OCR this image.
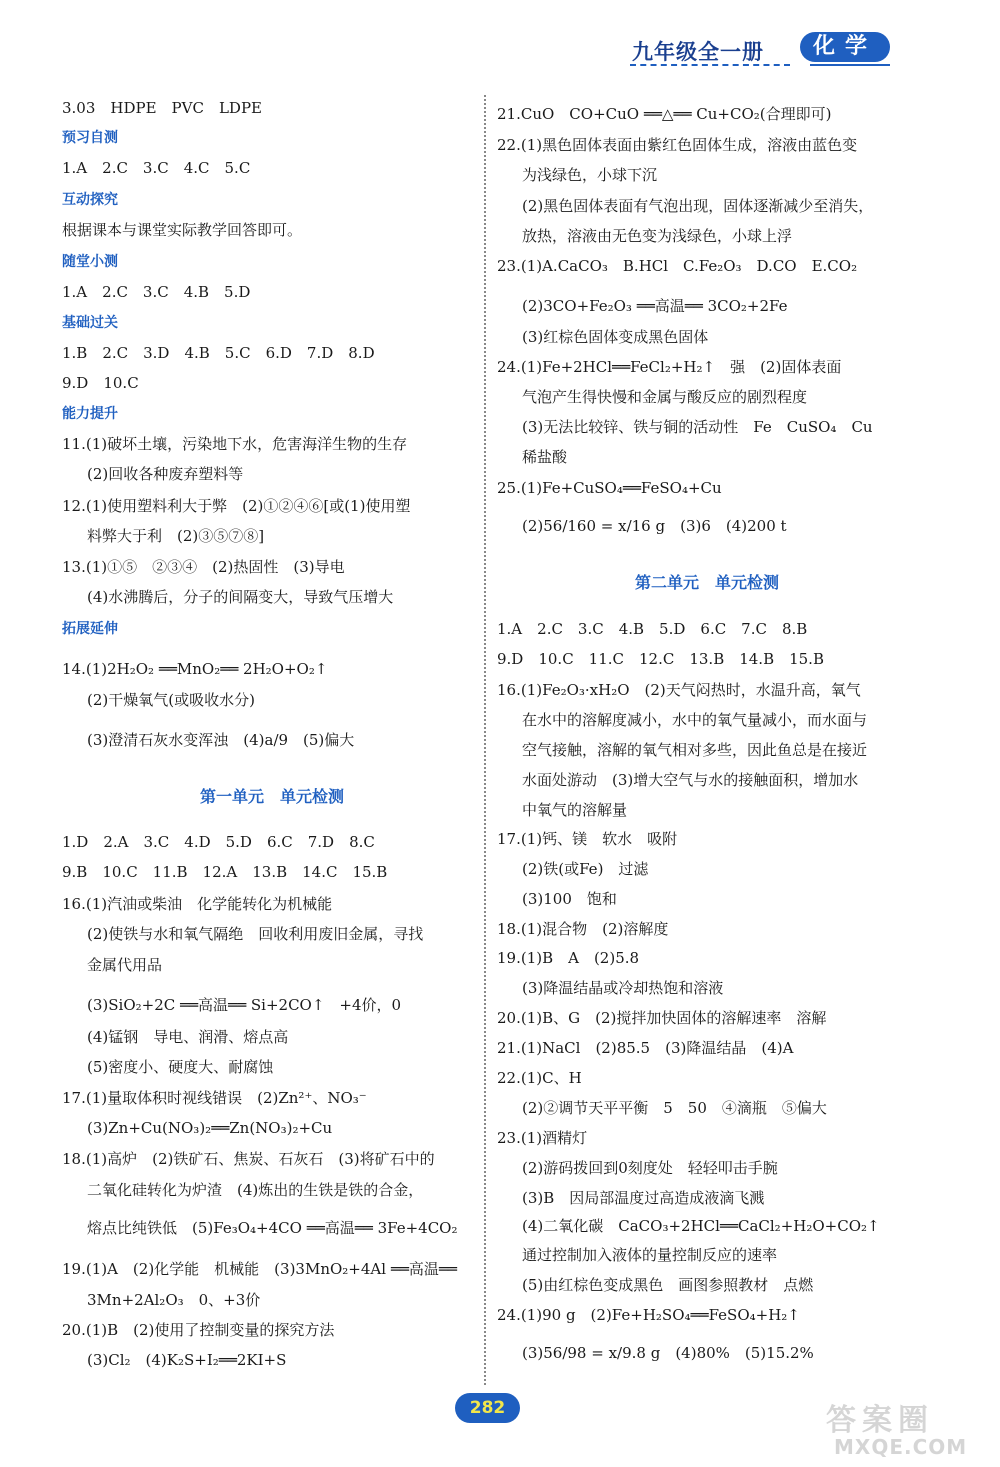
九年级全一册	化学
3.03　HDPE　PVC　LDPE
预习自测
1.A　2.C　3.C　4.C　5.C
互动探究
根据课本与课堂实际教学回答即可。
随堂小测
1.A　2.C　3.C　4.B　5.D
基础过关
1.B　2.C　3.D　4.B　5.C　6.D　7.D　8.D
9.D　10.C
能力提升
11.(1)破坏土壤，污染地下水，危害海洋生物的生存
(2)回收各种废弃塑料等
12.(1)使用塑料利大于弊　(2)①②④⑥[或(1)使用塑
料弊大于利　(2)③⑤⑦⑧]
13.(1)①⑤　②③④　(2)热固性　(3)导电
(4)水沸腾后，分子的间隔变大，导致气压增大
拓展延伸
14.(1)2H₂O₂ ══MnO₂══ 2H₂O+O₂↑
(2)干燥氧气(或吸收水分)
(3)澄清石灰水变浑浊　(4)a/9　(5)偏大
第一单元　单元检测
1.D　2.A　3.C　4.D　5.D　6.C　7.D　8.C
9.B　10.C　11.B　12.A　13.B　14.C　15.B
16.(1)汽油或柴油　化学能转化为机械能
(2)使铁与水和氧气隔绝　回收利用废旧金属，寻找
金属代用品
(3)SiO₂+2C ══高温══ Si+2CO↑　+4价，0
(4)锰钢　导电、润滑、熔点高
(5)密度小、硬度大、耐腐蚀
17.(1)量取体积时视线错误　(2)Zn²⁺、NO₃⁻
(3)Zn+Cu(NO₃)₂══Zn(NO₃)₂+Cu
18.(1)高炉　(2)铁矿石、焦炭、石灰石　(3)将矿石中的
二氧化硅转化为炉渣　(4)炼出的生铁是铁的合金，
熔点比纯铁低　(5)Fe₃O₄+4CO ══高温══ 3Fe+4CO₂
19.(1)A　(2)化学能　机械能　(3)3MnO₂+4Al ══高温══
3Mn+2Al₂O₃　0、+3价
20.(1)B　(2)使用了控制变量的探究方法
(3)Cl₂　(4)K₂S+I₂══2KI+S
21.CuO　CO+CuO ══△══ Cu+CO₂(合理即可)
22.(1)黑色固体表面由紫红色固体生成，溶液由蓝色变
为浅绿色，小球下沉
(2)黑色固体表面有气泡出现，固体逐渐减少至消失，
放热，溶液由无色变为浅绿色，小球上浮
23.(1)A.CaCO₃　B.HCl　C.Fe₂O₃　D.CO　E.CO₂
(2)3CO+Fe₂O₃ ══高温══ 3CO₂+2Fe
(3)红棕色固体变成黑色固体
24.(1)Fe+2HCl══FeCl₂+H₂↑　强　(2)固体表面
气泡产生得快慢和金属与酸反应的剧烈程度
(3)无法比较锌、铁与铜的活动性　Fe　CuSO₄　Cu
稀盐酸
25.(1)Fe+CuSO₄══FeSO₄+Cu
(2)56/160 = x/16 g　(3)6　(4)200 t
第二单元　单元检测
1.A　2.C　3.C　4.B　5.D　6.C　7.C　8.B
9.D　10.C　11.C　12.C　13.B　14.B　15.B
16.(1)Fe₂O₃·xH₂O　(2)天气闷热时，水温升高，氧气
在水中的溶解度减小，水中的氧气量减小，而水面与
空气接触，溶解的氧气相对多些，因此鱼总是在接近
水面处游动　(3)增大空气与水的接触面积，增加水
中氧气的溶解量
17.(1)钙、镁　软水　吸附
(2)铁(或Fe)　过滤
(3)100　饱和
18.(1)混合物　(2)溶解度
19.(1)B　A　(2)5.8
(3)降温结晶或冷却热饱和溶液
20.(1)B、G　(2)搅拌加快固体的溶解速率　溶解
21.(1)NaCl　(2)85.5　(3)降温结晶　(4)A
22.(1)C、H
(2)②调节天平平衡　5　50　④滴瓶　⑤偏大
23.(1)酒精灯
(2)游码拨回到0刻度处　轻轻叩击手腕
(3)B　因局部温度过高造成液滴飞溅
(4)二氧化碳　CaCO₃+2HCl══CaCl₂+H₂O+CO₂↑
通过控制加入液体的量控制反应的速率
(5)由红棕色变成黑色　画图参照教材　点燃
24.(1)90 g　(2)Fe+H₂SO₄══FeSO₄+H₂↑
(3)56/98 = x/9.8 g　(4)80%　(5)15.2%
282	答案圈
MXQE.COM
